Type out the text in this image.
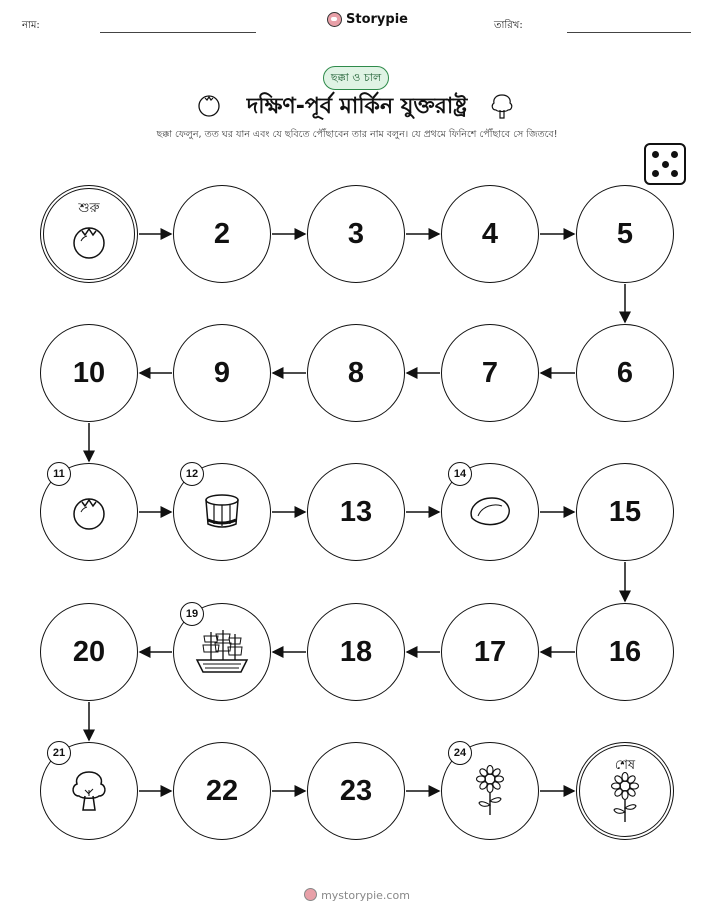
নাম:	Storypie	তারিখ:
ছক্কা ও চাল
দক্ষিণ-পূর্ব মার্কিন যুক্তরাষ্ট্র
ছক্কা ফেলুন, তত ঘর যান এবং যে ছবিতে পৌঁছাবেন তার নাম বলুন। যে প্রথমে ফিনিশে পৌঁছাবে সে জিতবে!
শুরু
2	3	4	5
6
7
8
9
10
11	12
13
14
15
16
17
18
19
20
21
22	23
24
শেষ
mystorypie.com
